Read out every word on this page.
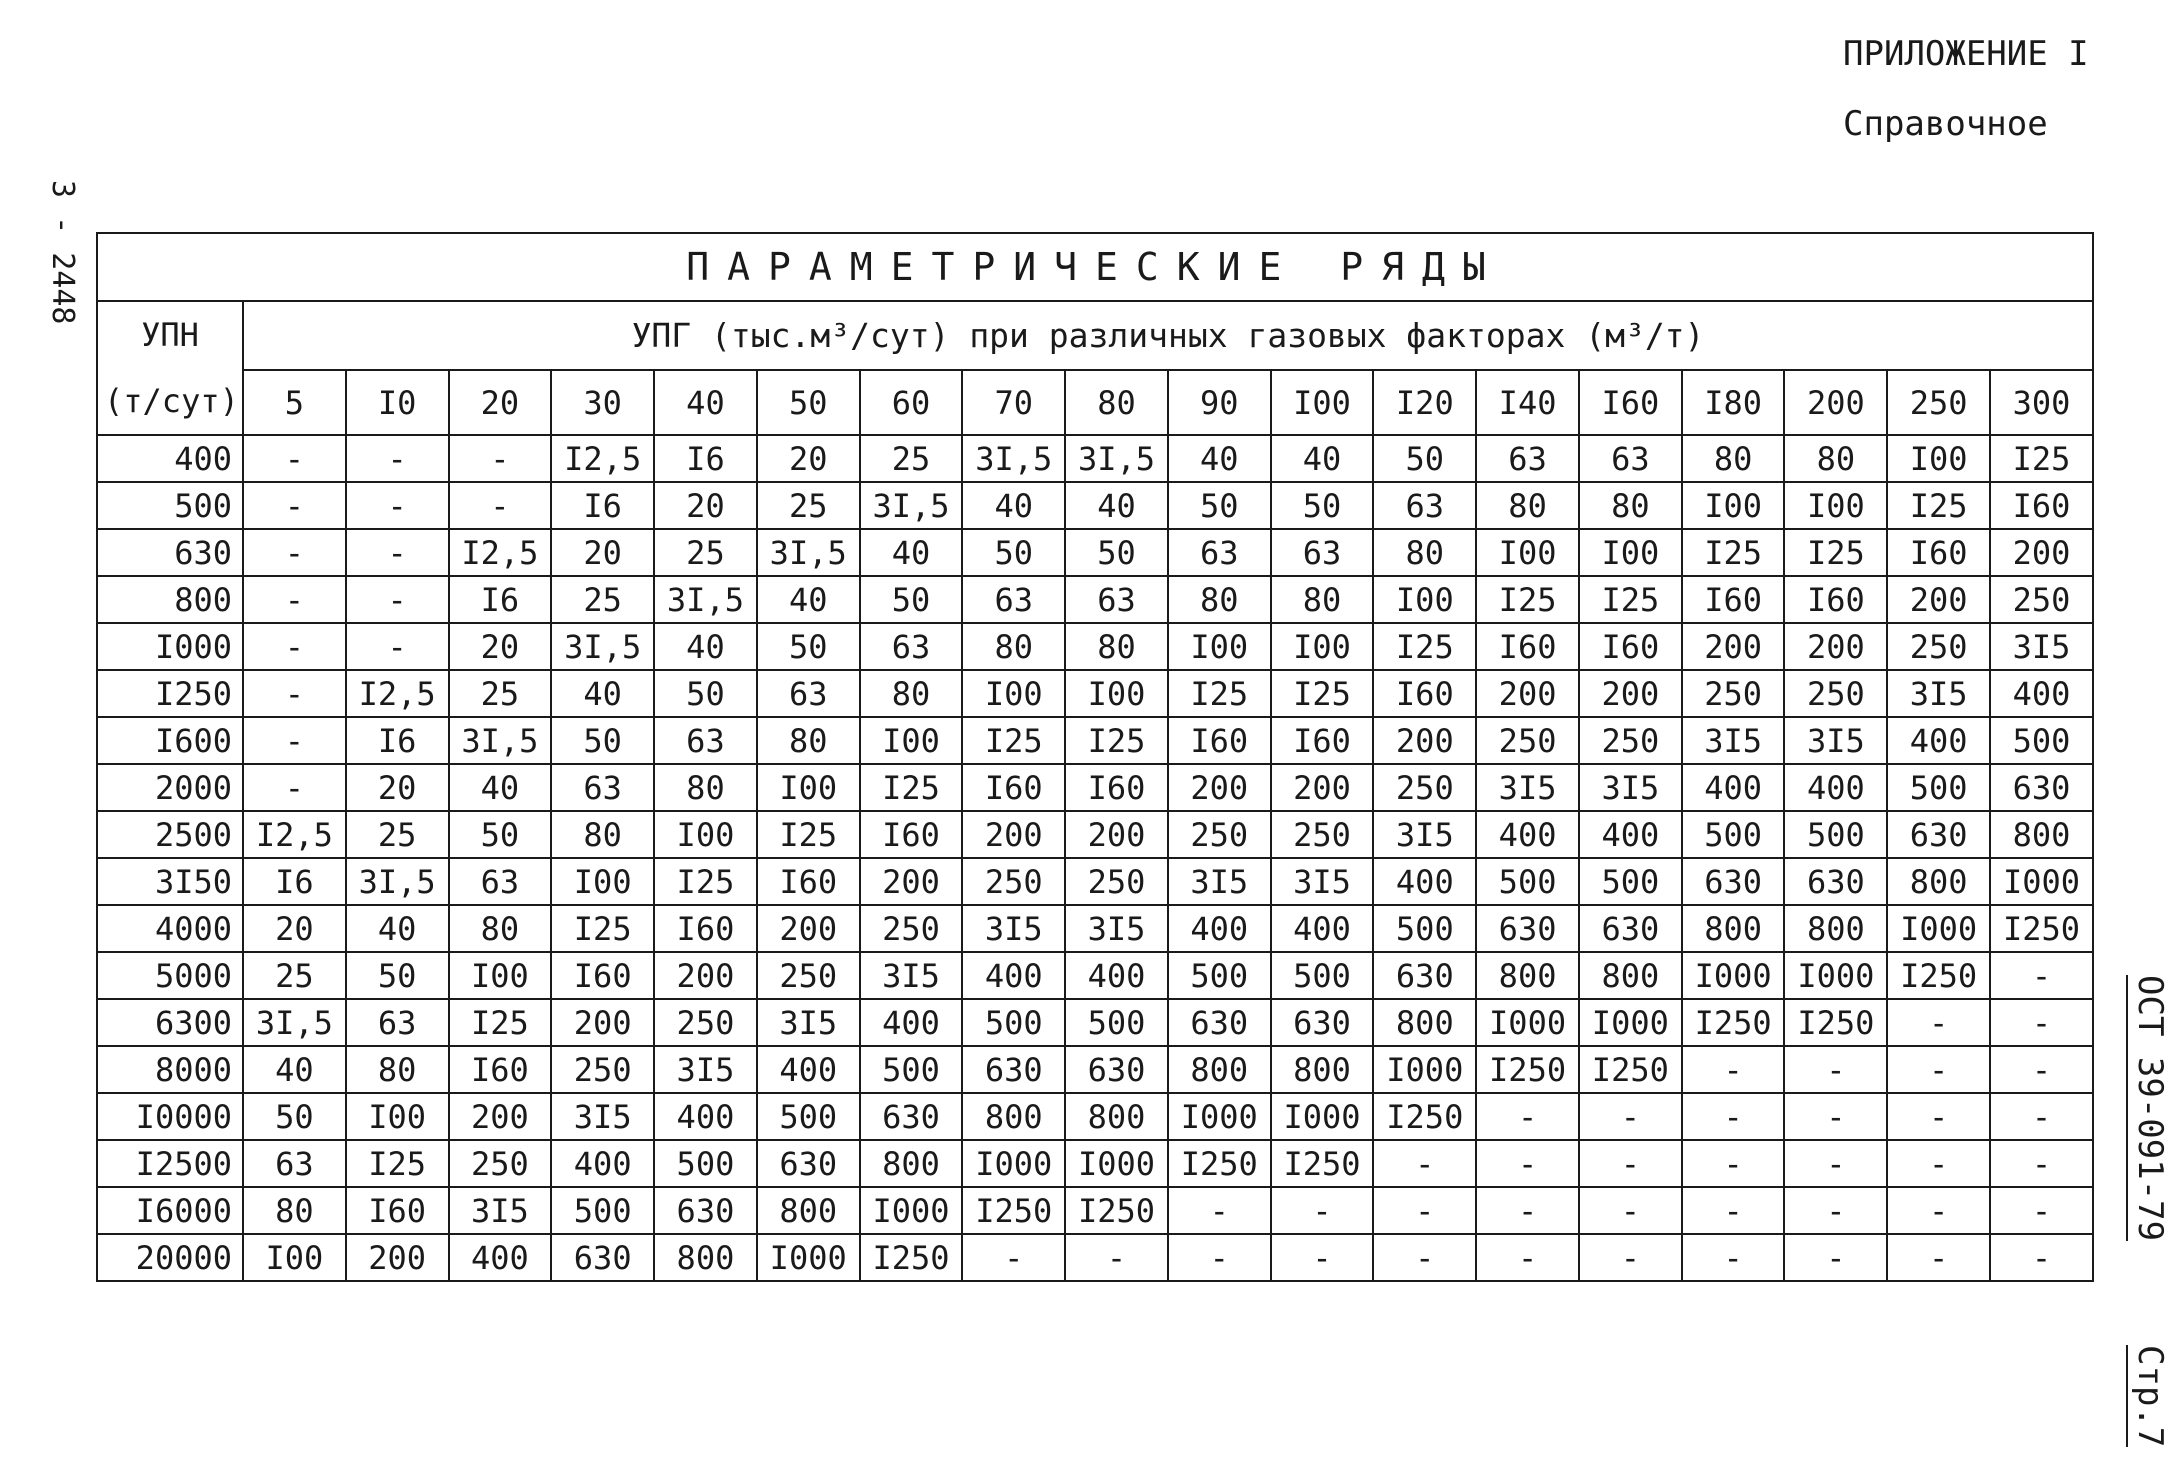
ПРИЛОЖЕНИЕ I
Справочное
3 - 2448
ОСТ 39-091-79
Стр.7
ПАРАМЕТРИЧЕСКИЕ РЯДЫ																		

УПН
(т/сут)	УПГ (тыс.м³/сут) при различных газовых факторах (м³/т)																	
	5	I0	20	30	40	50	60	70	80	90	I00	I20	I40	I60	I80	200	250	300
400	-	-	-	I2,5	I6	20	25	3I,5	3I,5	40	40	50	63	63	80	80	I00	I25
500	-	-	-	I6	20	25	3I,5	40	40	50	50	63	80	80	I00	I00	I25	I60
630	-	-	I2,5	20	25	3I,5	40	50	50	63	63	80	I00	I00	I25	I25	I60	200
800	-	-	I6	25	3I,5	40	50	63	63	80	80	I00	I25	I25	I60	I60	200	250
I000	-	-	20	3I,5	40	50	63	80	80	I00	I00	I25	I60	I60	200	200	250	3I5
I250	-	I2,5	25	40	50	63	80	I00	I00	I25	I25	I60	200	200	250	250	3I5	400
I600	-	I6	3I,5	50	63	80	I00	I25	I25	I60	I60	200	250	250	3I5	3I5	400	500
2000	-	20	40	63	80	I00	I25	I60	I60	200	200	250	3I5	3I5	400	400	500	630
2500	I2,5	25	50	80	I00	I25	I60	200	200	250	250	3I5	400	400	500	500	630	800
3I50	I6	3I,5	63	I00	I25	I60	200	250	250	3I5	3I5	400	500	500	630	630	800	I000
4000	20	40	80	I25	I60	200	250	3I5	3I5	400	400	500	630	630	800	800	I000	I250
5000	25	50	I00	I60	200	250	3I5	400	400	500	500	630	800	800	I000	I000	I250	-
6300	3I,5	63	I25	200	250	3I5	400	500	500	630	630	800	I000	I000	I250	I250	-	-
8000	40	80	I60	250	3I5	400	500	630	630	800	800	I000	I250	I250	-	-	-	-
I0000	50	I00	200	3I5	400	500	630	800	800	I000	I000	I250	-	-	-	-	-	-
I2500	63	I25	250	400	500	630	800	I000	I000	I250	I250	-	-	-	-	-	-	-
I6000	80	I60	3I5	500	630	800	I000	I250	I250	-	-	-	-	-	-	-	-	-
20000	I00	200	400	630	800	I000	I250	-	-	-	-	-	-	-	-	-	-	-
